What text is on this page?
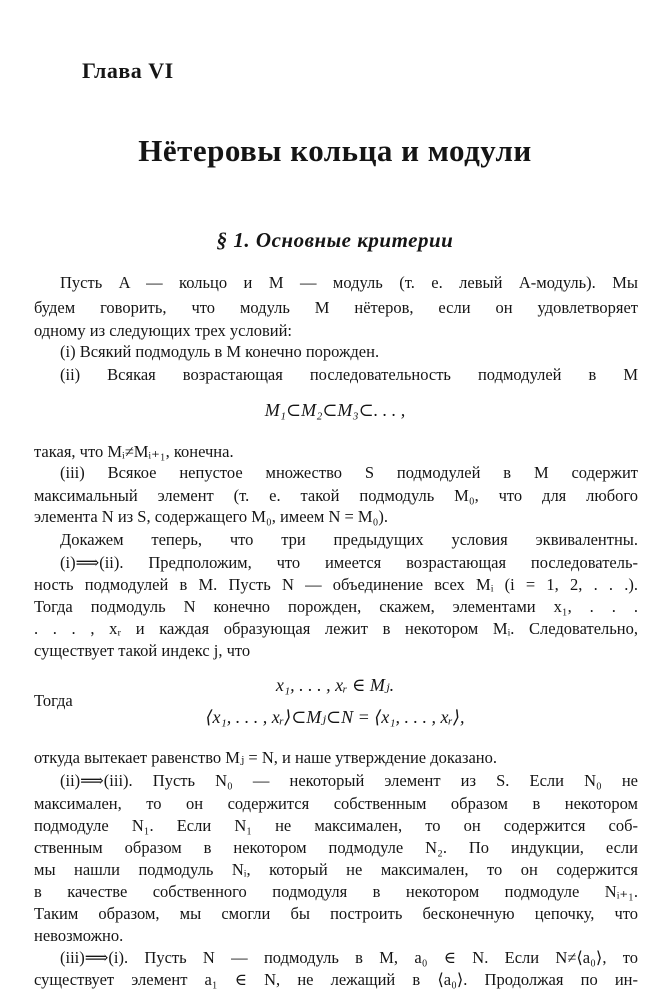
Глава VI
Нётеровы кольца и модули
§ 1. Основные критерии
Пусть A — кольцо и M — модуль (т. е. левый A-модуль). Мы
будем говорить, что модуль M нётеров, если он удовлетворяет
одному из следующих трех условий:
(i) Всякий подмодуль в M конечно порожден.
(ii) Всякая возрастающая последовательность подмодулей в M
M₁⊂M₂⊂M₃⊂. . . ,
такая, что Mᵢ≠Mᵢ₊₁, конечна.
(iii) Всякое непустое множество S подмодулей в M содержит
максимальный элемент (т. е. такой подмодуль M₀, что для любого
элемента N из S, содержащего M₀, имеем N = M₀).
Докажем теперь, что три предыдущих условия эквивалентны.
(i)⟹(ii). Предположим, что имеется возрастающая последователь-
ность подмодулей в M. Пусть N — объединение всех Mᵢ (i = 1, 2, . . .).
Тогда подмодуль N конечно порожден, скажем, элементами x₁, . . .
. . . , xᵣ и каждая образующая лежит в некотором Mᵢ. Следовательно,
существует такой индекс j, что
x₁, . . . , xᵣ ∈ Mⱼ.
Тогда
⟨x₁, . . . , xᵣ⟩⊂Mⱼ⊂N = ⟨x₁, . . . , xᵣ⟩,
откуда вытекает равенство Mⱼ = N, и наше утверждение доказано.
(ii)⟹(iii). Пусть N₀ — некоторый элемент из S. Если N₀ не
максимален, то он содержится собственным образом в некотором
подмодуле N₁. Если N₁ не максимален, то он содержится соб-
ственным образом в некотором подмодуле N₂. По индукции, если
мы нашли подмодуль Nᵢ, который не максимален, то он содержится
в качестве собственного подмодуля в некотором подмодуле Nᵢ₊₁.
Таким образом, мы смогли бы построить бесконечную цепочку, что
невозможно.
(iii)⟹(i). Пусть N — подмодуль в M, a₀ ∈ N. Если N≠⟨a₀⟩, то
существует элемент a₁ ∈ N, не лежащий в ⟨a₀⟩. Продолжая по ин-
